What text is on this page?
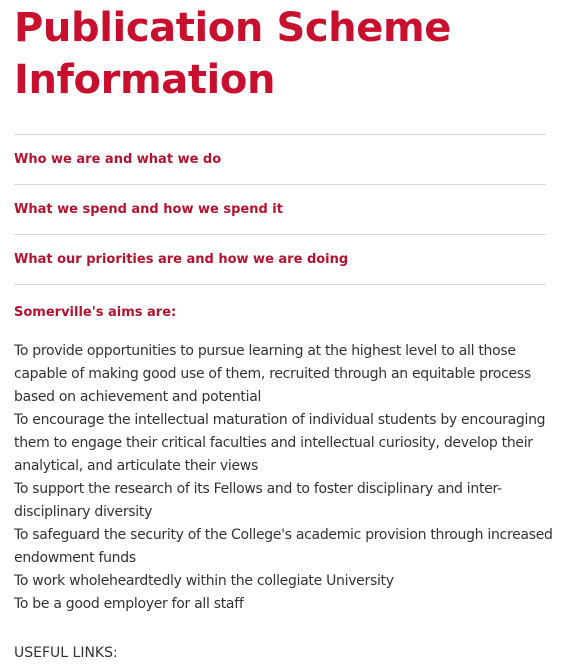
Publication Scheme
Information
Who we are and what we do
What we spend and how we spend it
What our priorities are and how we are doing
Somerville's aims are:
To provide opportunities to pursue learning at the highest level to all those capable of making good use of them, recruited through an equitable process based on achievement and potential
To encourage the intellectual maturation of individual students by encouraging them to engage their critical faculties and intellectual curiosity, develop their analytical, and articulate their views
To support the research of its Fellows and to foster disciplinary and inter-disciplinary diversity
To safeguard the security of the College's academic provision through increased endowment funds
To work wholeheardtedly within the collegiate University
To be a good employer for all staff
USEFUL LINKS:
